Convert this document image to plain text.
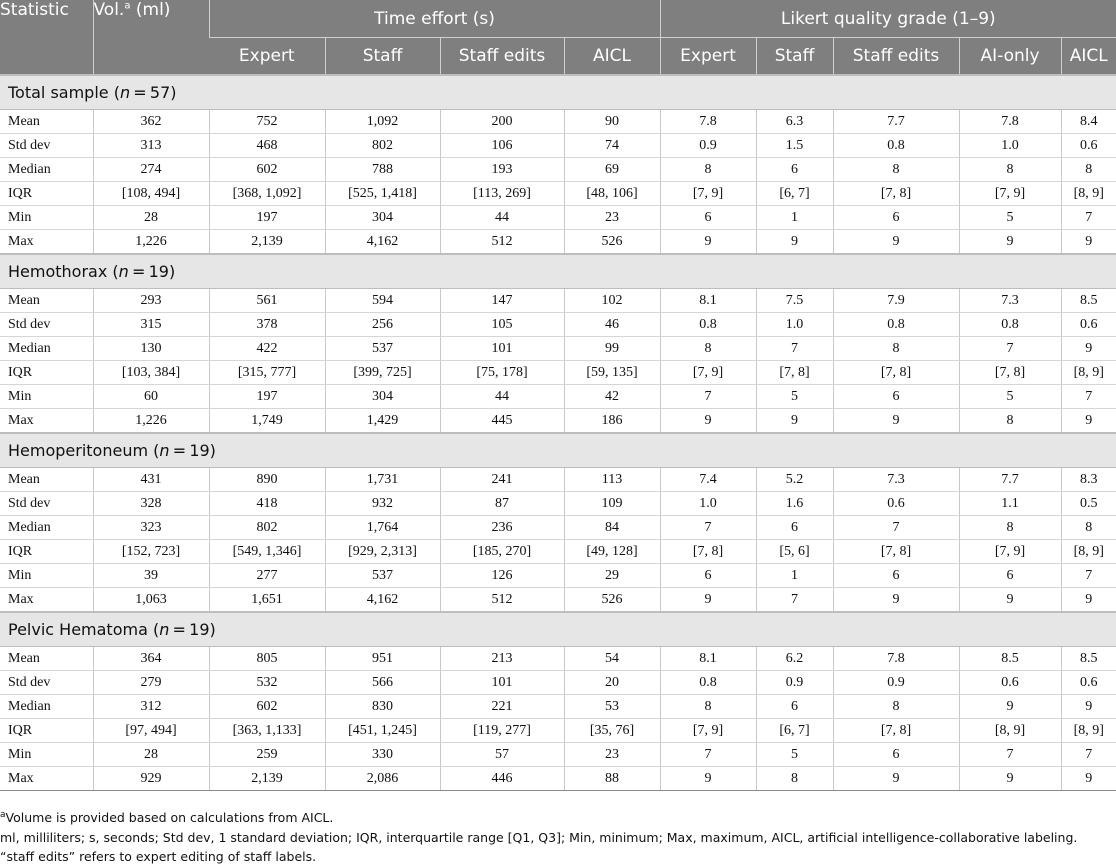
Statistic	Vol.$^a$ (ml)	Time effort (s)				Likert quality grade (1–9)				
		Expert	Staff	Staff edits	AICL	Expert	Staff	Staff edits	AI-only	AICL
Total sample (n = 57)										
Mean	362	752	1,092	200	90	7.8	6.3	7.7	7.8	8.4
Std dev	313	468	802	106	74	0.9	1.5	0.8	1.0	0.6
Median	274	602	788	193	69	8	6	8	8	8
IQR	[108, 494]	[368, 1,092]	[525, 1,418]	[113, 269]	[48, 106]	[7, 9]	[6, 7]	[7, 8]	[7, 9]	[8, 9]
Min	28	197	304	44	23	6	1	6	5	7
Max	1,226	2,139	4,162	512	526	9	9	9	9	9
Hemothorax (n = 19)										
Mean	293	561	594	147	102	8.1	7.5	7.9	7.3	8.5
Std dev	315	378	256	105	46	0.8	1.0	0.8	0.8	0.6
Median	130	422	537	101	99	8	7	8	7	9
IQR	[103, 384]	[315, 777]	[399, 725]	[75, 178]	[59, 135]	[7, 9]	[7, 8]	[7, 8]	[7, 8]	[8, 9]
Min	60	197	304	44	42	7	5	6	5	7
Max	1,226	1,749	1,429	445	186	9	9	9	8	9
Hemoperitoneum (n = 19)										
Mean	431	890	1,731	241	113	7.4	5.2	7.3	7.7	8.3
Std dev	328	418	932	87	109	1.0	1.6	0.6	1.1	0.5
Median	323	802	1,764	236	84	7	6	7	8	8
IQR	[152, 723]	[549, 1,346]	[929, 2,313]	[185, 270]	[49, 128]	[7, 8]	[5, 6]	[7, 8]	[7, 9]	[8, 9]
Min	39	277	537	126	29	6	1	6	6	7
Max	1,063	1,651	4,162	512	526	9	7	9	9	9
Pelvic Hematoma (n = 19)										
Mean	364	805	951	213	54	8.1	6.2	7.8	8.5	8.5
Std dev	279	532	566	101	20	0.8	0.9	0.9	0.6	0.6
Median	312	602	830	221	53	8	6	8	9	9
IQR	[97, 494]	[363, 1,133]	[451, 1,245]	[119, 277]	[35, 76]	[7, 9]	[6, 7]	[7, 8]	[8, 9]	[8, 9]
Min	28	259	330	57	23	7	5	6	7	7
Max	929	2,139	2,086	446	88	9	8	9	9	9
$^a$Volume is provided based on calculations from AICL.
ml, milliliters; s, seconds; Std dev, 1 standard deviation; IQR, interquartile range [Q1, Q3]; Min, minimum; Max, maximum, AICL, artificial intelligence-collaborative labeling.
“staff edits” refers to expert editing of staff labels.
